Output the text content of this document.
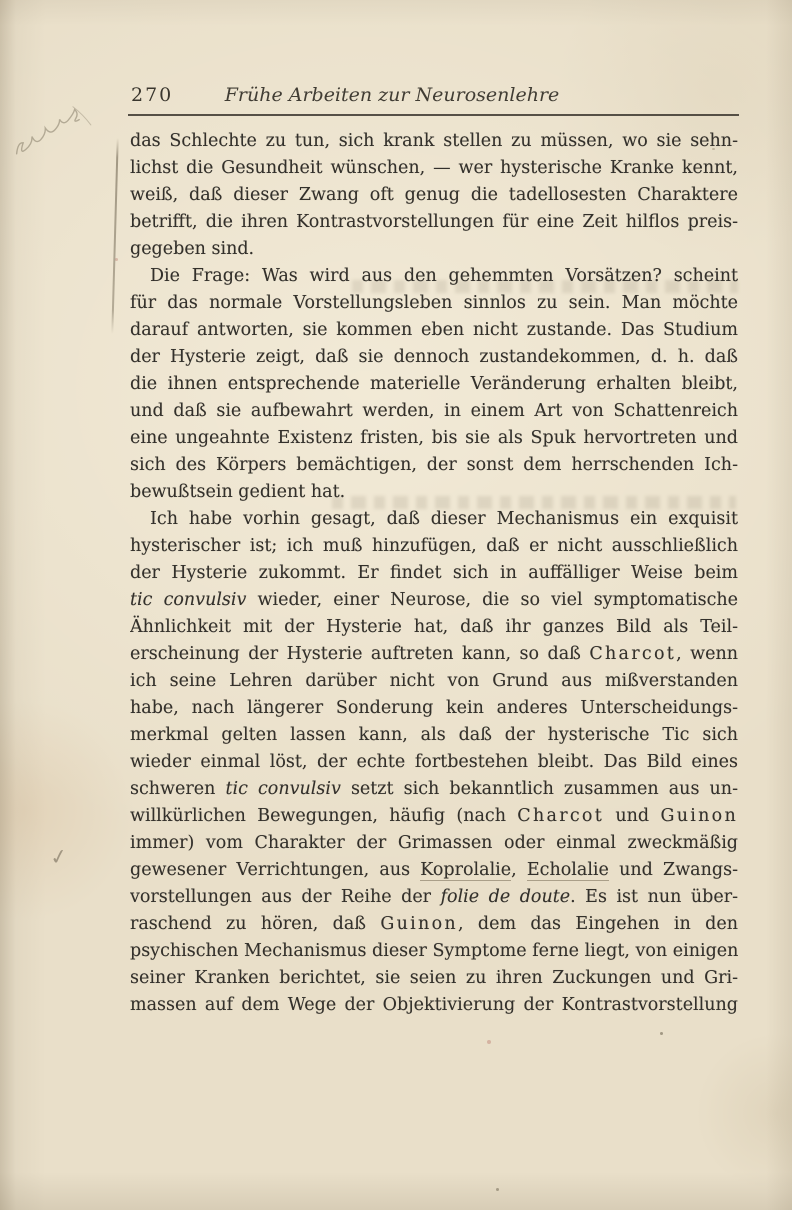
270	Frühe Arbeiten zur Neurosenlehre
das Schlechte zu tun, sich krank stellen zu müssen, wo sie sehn-
lichst die Gesundheit wünschen, — wer hysterische Kranke kennt,
weiß, daß dieser Zwang oft genug die tadellosesten Charaktere
betrifft, die ihren Kontrastvorstellungen für eine Zeit hilflos preis-
gegeben sind.
Die Frage: Was wird aus den gehemmten Vorsätzen? scheint
für das normale Vorstellungsleben sinnlos zu sein. Man möchte
darauf antworten, sie kommen eben nicht zustande. Das Studium
der Hysterie zeigt, daß sie dennoch zustandekommen, d. h. daß
die ihnen entsprechende materielle Veränderung erhalten bleibt,
und daß sie aufbewahrt werden, in einem Art von Schattenreich
eine ungeahnte Existenz fristen, bis sie als Spuk hervortreten und
sich des Körpers bemächtigen, der sonst dem herrschenden Ich-
bewußtsein gedient hat.
Ich habe vorhin gesagt, daß dieser Mechanismus ein exquisit
hysterischer ist; ich muß hinzufügen, daß er nicht ausschließlich
der Hysterie zukommt. Er findet sich in auffälliger Weise beim
tic convulsiv wieder, einer Neurose, die so viel symptomatische
Ähnlichkeit mit der Hysterie hat, daß ihr ganzes Bild als Teil-
erscheinung der Hysterie auftreten kann, so daß Charcot, wenn
ich seine Lehren darüber nicht von Grund aus mißverstanden
habe, nach längerer Sonderung kein anderes Unterscheidungs-
merkmal gelten lassen kann, als daß der hysterische Tic sich
wieder einmal löst, der echte fortbestehen bleibt. Das Bild eines
schweren tic convulsiv setzt sich bekanntlich zusammen aus un-
willkürlichen Bewegungen, häufig (nach Charcot und Guinon
immer) vom Charakter der Grimassen oder einmal zweckmäßig
gewesener Verrichtungen, aus Koprolalie, Echolalie und Zwangs-
vorstellungen aus der Reihe der folie de doute. Es ist nun über-
raschend zu hören, daß Guinon, dem das Eingehen in den
psychischen Mechanismus dieser Symptome ferne liegt, von einigen
seiner Kranken berichtet, sie seien zu ihren Zuckungen und Gri-
massen auf dem Wege der Objektivierung der Kontrastvorstellung
✓
